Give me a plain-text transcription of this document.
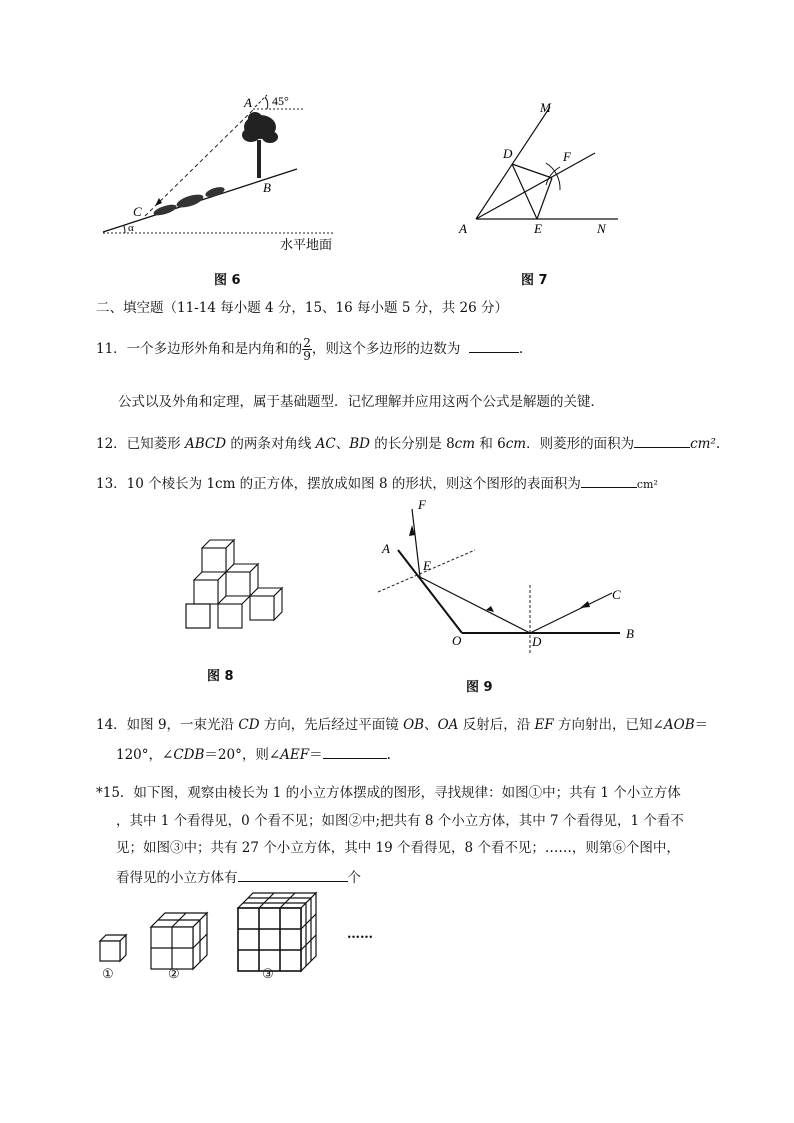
A 45°
B
C
α
水平地面
图 6
M
D	F
A	E	N
图 7
二、填空题（11-14 每小题 4 分，15、16 每小题 5 分，共 26 分）
11．一个多边形外角和是内角和的 $\frac{2}{9}$ ，则这个多边形的边数为	.
公式以及外角和定理，属于基础题型．记忆理解并应用这两个公式是解题的关键．
12．已知菱形 ABCD 的两条对角线 AC、BD 的长分别是 8cm 和 6cm．则菱形的面积为	cm².
13．10 个棱长为 1cm 的正方体，摆放成如图 8 的形状，则这个图形的表面积为	cm²
图 8
F
A
E
C
O	D
B
图 9
14．如图 9，一束光沿 CD 方向，先后经过平面镜 OB、OA 反射后，沿 EF 方向射出，已知∠AOB＝
120°，∠CDB＝20°，则∠AEF＝	.
*15．如下图，观察由棱长为 1 的小立方体摆成的图形，寻找规律：如图①中；共有 1 个小立方体
，其中 1 个看得见，0 个看不见；如图②中;把共有 8 个小立方体，其中 7 个看得见，1 个看不
见；如图③中；共有 27 个小立方体，其中 19 个看得见，8 个看不见；……，则第⑥个图中，
看得见的小立方体有	个
①	②	③
……
